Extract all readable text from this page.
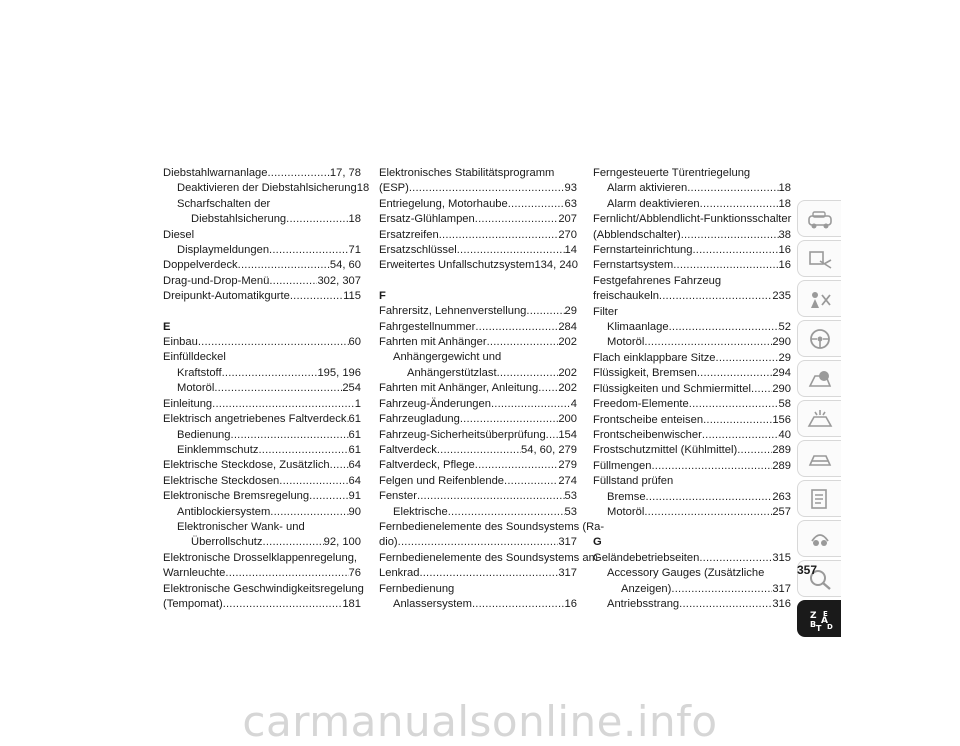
Diebstahlwarnanlage .....	17, 78
Deaktivieren der Diebstahlsicherung 18
Scharfschalten der
Diebstahlsicherung .....	18
Diesel
Displaymeldungen .....	71
Doppelverdeck .....	54, 60
Drag-und-Drop-Menü .....	302, 307
Dreipunkt-Automatikgurte .....	115
E
Einbau .....	60
Einfülldeckel
Kraftstoff .....	195, 196
Motoröl .....	254
Einleitung .....	1
Elektrisch angetriebenes Faltverdeck ..... 61
Bedienung .....	61
Einklemmschutz .....	61
Elektrische Steckdose, Zusätzlich ..... 64
Elektrische Steckdosen .....	64
Elektronische Bremsregelung .....	91
Antiblockiersystem .....	90
Elektronischer Wank- und
Überrollschutz .....	92, 100
Elektronische Drosselklappenregelung,
Warnleuchte .....	76
Elektronische Geschwindigkeitsregelung
(Tempomat) .....	181
Elektronisches Stabilitätsprogramm
(ESP) .....	93
Entriegelung, Motorhaube .....	63
Ersatz-Glühlampen .....	207
Ersatzreifen .....	270
Ersatzschlüssel .....	14
Erweitertes Unfallschutzsystem 134, 240
F
Fahrersitz, Lehnenverstellung .....	29
Fahrgestellnummer .....	284
Fahrten mit Anhänger .....	202
Anhängergewicht und
Anhängerstützlast .....	202
Fahrten mit Anhänger, Anleitung ..... 202
Fahrzeug-Änderungen .....	4
Fahrzeugladung .....	200
Fahrzeug-Sicherheitsüberprüfung ..... 154
Faltverdeck .....	54, 60, 279
Faltverdeck, Pflege .....	279
Felgen und Reifenblende .....	274
Fenster .....	53
Elektrische .....	53
Fernbedienelemente des Soundsystems (Ra-
dio) .....	317
Fernbedienelemente des Soundsystems am
Lenkrad .....	317
Fernbedienung
Anlassersystem .....	16
Ferngesteuerte Türentriegelung
Alarm aktivieren .....	18
Alarm deaktivieren .....	18
Fernlicht/Abblendlicht-Funktionsschalter
(Abblendschalter) .....	38
Fernstarteinrichtung .....	16
Fernstartsystem .....	16
Festgefahrenes Fahrzeug
freischaukeln .....	235
Filter
Klimaanlage .....	52
Motoröl .....	290
Flach einklappbare Sitze .....	29
Flüssigkeit, Bremsen .....	294
Flüssigkeiten und Schmiermittel ..... 290
Freedom-Elemente .....	58
Frontscheibe enteisen .....	156
Frontscheibenwischer .....	40
Frostschutzmittel (Kühlmittel) .....	289
Füllmengen .....	289
Füllstand prüfen
Bremse .....	263
Motoröl .....	257
G
Geländebetriebseiten .....	315
Accessory Gauges (Zusätzliche
Anzeigen) .....	317
Antriebsstrang .....	316
Z E
B A
T D
357
carmanualsonline.info
